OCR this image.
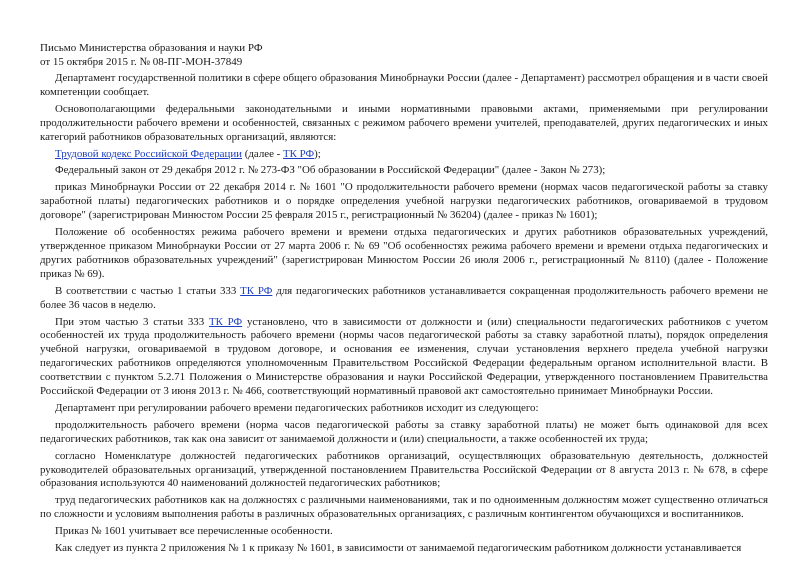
Письмо Министерства образования и науки РФ
от 15 октября 2015 г. № 08-ПГ-МОН-37849

Департамент государственной политики в сфере общего образования Минобрнауки России (далее - Департамент) рассмотрел обращения и в части своей компетенции сообщает.

Основополагающими федеральными законодательными и иными нормативными правовыми актами, применяемыми при регулировании продолжительности рабочего времени и особенностей, связанных с режимом рабочего времени учителей, преподавателей, других педагогических и иных категорий работников образовательных организаций, являются:

Трудовой кодекс Российской Федерации (далее - ТК РФ);

Федеральный закон от 29 декабря 2012 г. № 273-ФЗ "Об образовании в Российской Федерации" (далее - Закон № 273);

приказ Минобрнауки России от 22 декабря 2014 г. № 1601 "О продолжительности рабочего времени (нормах часов педагогической работы за ставку заработной платы) педагогических работников и о порядке определения учебной нагрузки педагогических работников, оговариваемой в трудовом договоре" (зарегистрирован Минюстом России 25 февраля 2015 г., регистрационный № 36204) (далее - приказ № 1601);

Положение об особенностях режима рабочего времени и времени отдыха педагогических и других работников образовательных учреждений, утвержденное приказом Минобрнауки России от 27 марта 2006 г. № 69 "Об особенностях режима рабочего времени и времени отдыха педагогических и других работников образовательных учреждений" (зарегистрирован Минюстом России 26 июля 2006 г., регистрационный № 8110) (далее - Положение приказ № 69).

В соответствии с частью 1 статьи 333 ТК РФ для педагогических работников устанавливается сокращенная продолжительность рабочего времени не более 36 часов в неделю.

При этом частью 3 статьи 333 ТК РФ установлено, что в зависимости от должности и (или) специальности педагогических работников с учетом особенностей их труда продолжительность рабочего времени (нормы часов педагогической работы за ставку заработной платы), порядок определения учебной нагрузки, оговариваемой в трудовом договоре, и основания ее изменения, случаи установления верхнего предела учебной нагрузки педагогических работников определяются уполномоченным Правительством Российской Федерации федеральным органом исполнительной власти. В соответствии с пунктом 5.2.71 Положения о Министерстве образования и науки Российской Федерации, утвержденного постановлением Правительства Российской Федерации от 3 июня 2013 г. № 466, соответствующий нормативный правовой акт самостоятельно принимает Минобрнауки России.

Департамент при регулировании рабочего времени педагогических работников исходит из следующего:

продолжительность рабочего времени (норма часов педагогической работы за ставку заработной платы) не может быть одинаковой для всех педагогических работников, так как она зависит от занимаемой должности и (или) специальности, а также особенностей их труда;

согласно Номенклатуре должностей педагогических работников организаций, осуществляющих образовательную деятельность, должностей руководителей образовательных организаций, утвержденной постановлением Правительства Российской Федерации от 8 августа 2013 г. № 678, в сфере образования используются 40 наименований должностей педагогических работников;

труд педагогических работников как на должностях с различными наименованиями, так и по одноименным должностям может существенно отличаться по сложности и условиям выполнения работы в различных образовательных организациях, с различным контингентом обучающихся и воспитанников.

Приказ № 1601 учитывает все перечисленные особенности.

Как следует из пункта 2 приложения № 1 к приказу № 1601, в зависимости от занимаемой педагогическим работником должности устанавливается
